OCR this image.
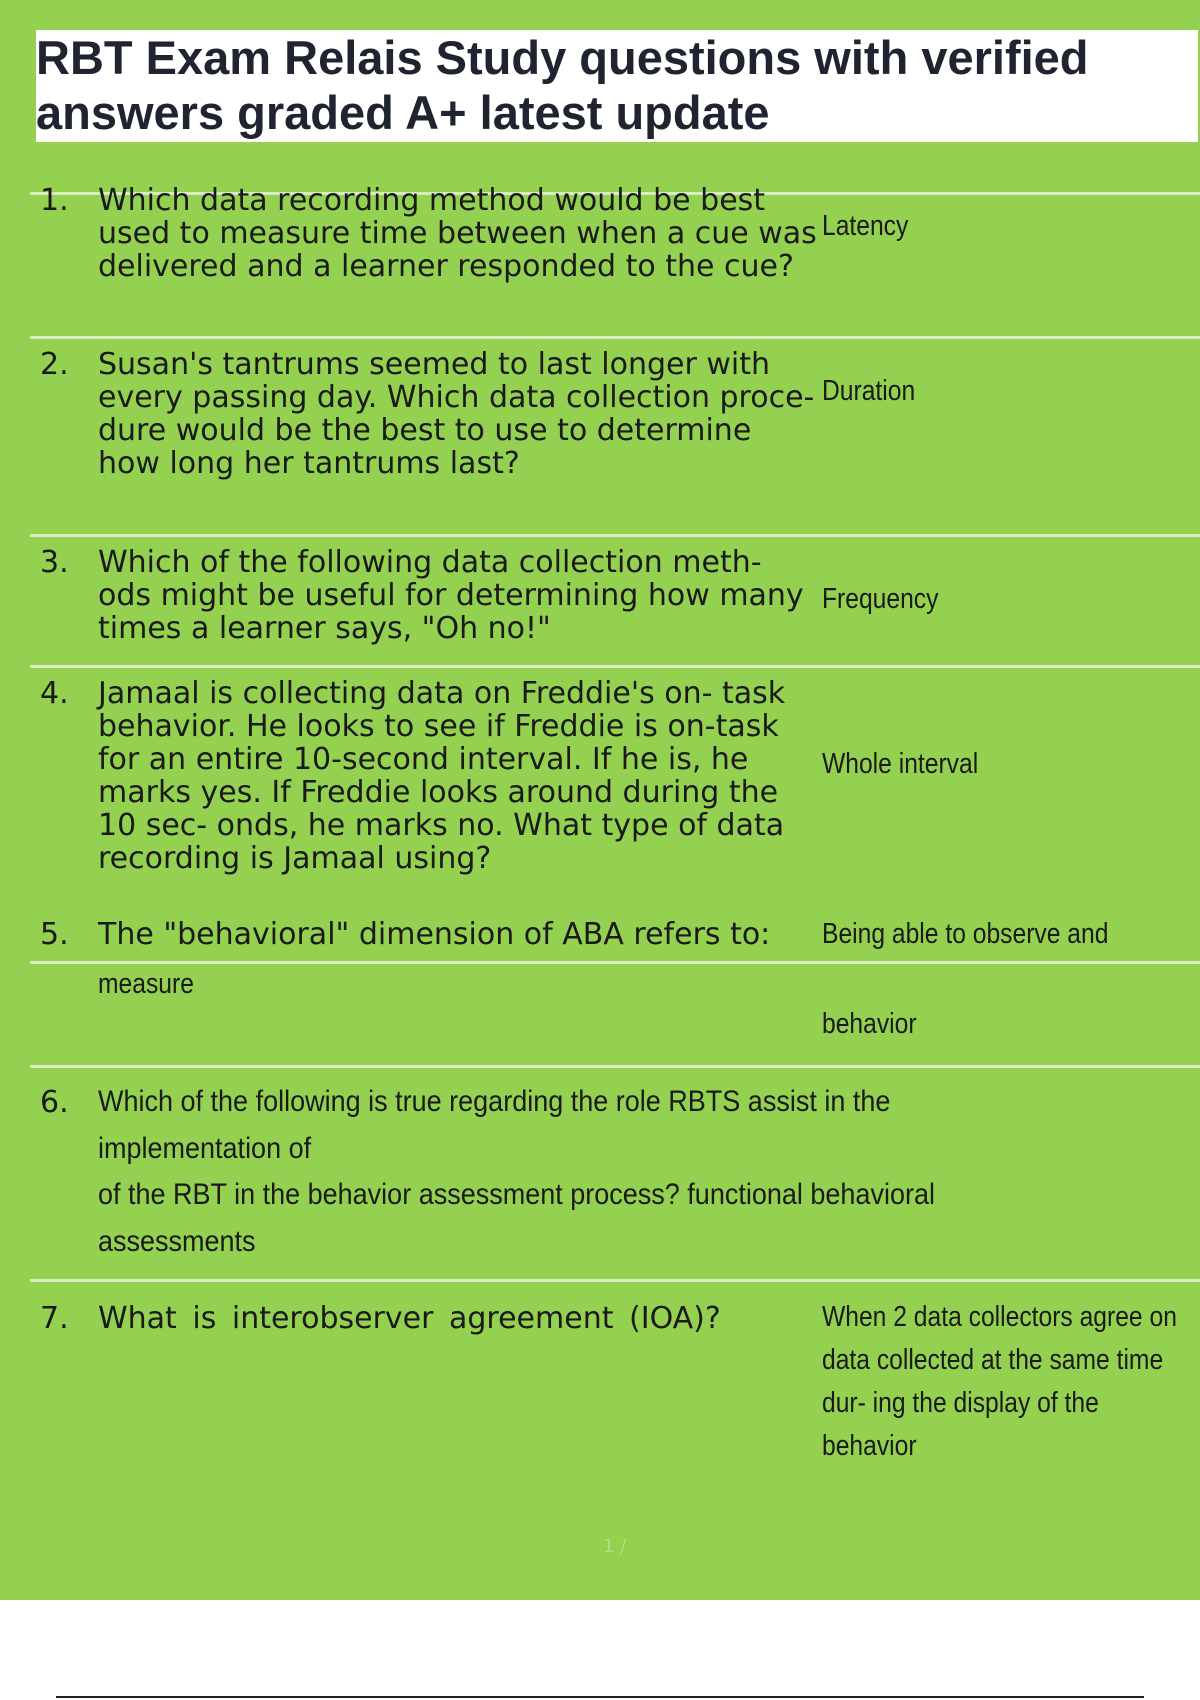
RBT Exam Relais Study questions with verified answers graded A+ latest update
1. Which data recording method would be best used to measure time between when a cue was delivered and a learner responded to the cue?
Latency
2. Susan's tantrums seemed to last longer with every passing day. Which data collection proce- dure would be the best to use to determine how long her tantrums last?
Duration
3. Which of the following data collection meth- ods might be useful for determining how many times a learner says, "Oh no!"
Frequency
4. Jamaal is collecting data on Freddie's on- task behavior. He looks to see if Freddie is on-task for an entire 10-second interval. If he is, he marks yes. If Freddie looks around during the 10 sec- onds, he marks no. What type of data recording is Jamaal using?
Whole interval
5. The "behavioral" dimension of ABA refers to:	Being able to observe and
measure
behavior
6. Which of the following is true regarding the role RBTS assist in the implementation of
of the RBT in the behavior assessment process? functional behavioral assessments
7. What is interobserver agreement (IOA)?	When 2 data collectors agree on data collected at the same time dur- ing the display of the behavior
1 /
